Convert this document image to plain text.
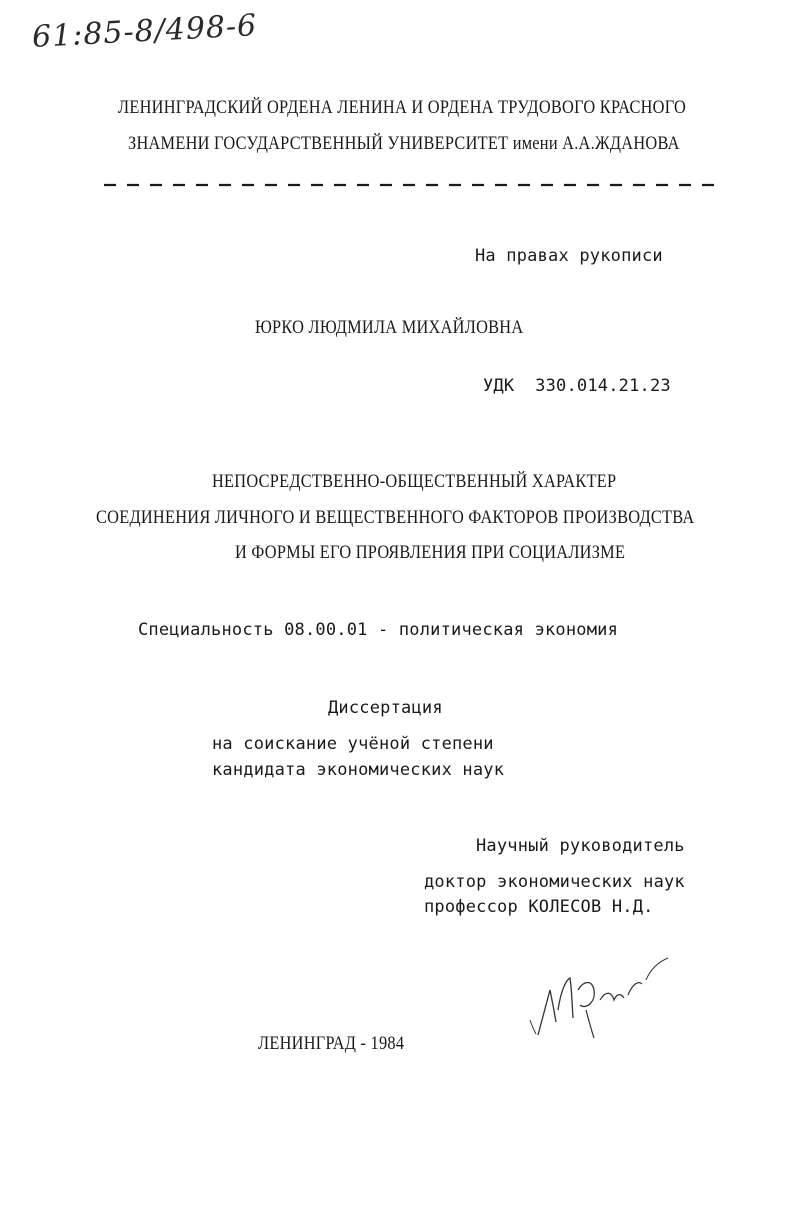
61:85-8/498-6
ЛЕНИНГРАДСКИЙ ОРДЕНА ЛЕНИНА И ОРДЕНА ТРУДОВОГО КРАСНОГО
ЗНАМЕНИ ГОСУДАРСТВЕННЫЙ УНИВЕРСИТЕТ имени А.А.ЖДАНОВА
На правах рукописи
ЮРКО ЛЮДМИЛА МИХАЙЛОВНА
УДК  330.014.21.23
НЕПОСРЕДСТВЕННО-ОБЩЕСТВЕННЫЙ ХАРАКТЕР
СОЕДИНЕНИЯ ЛИЧНОГО И ВЕЩЕСТВЕННОГО ФАКТОРОВ ПРОИЗВОДСТВА
И ФОРМЫ ЕГО ПРОЯВЛЕНИЯ ПРИ СОЦИАЛИЗМЕ
Специальность 08.00.01 - политическая экономия
Диссертация
на соискание учёной степени
кандидата экономических наук
Научный руководитель
доктор экономических наук
профессор КОЛЕСОВ Н.Д.
ЛЕНИНГРАД - 1984
